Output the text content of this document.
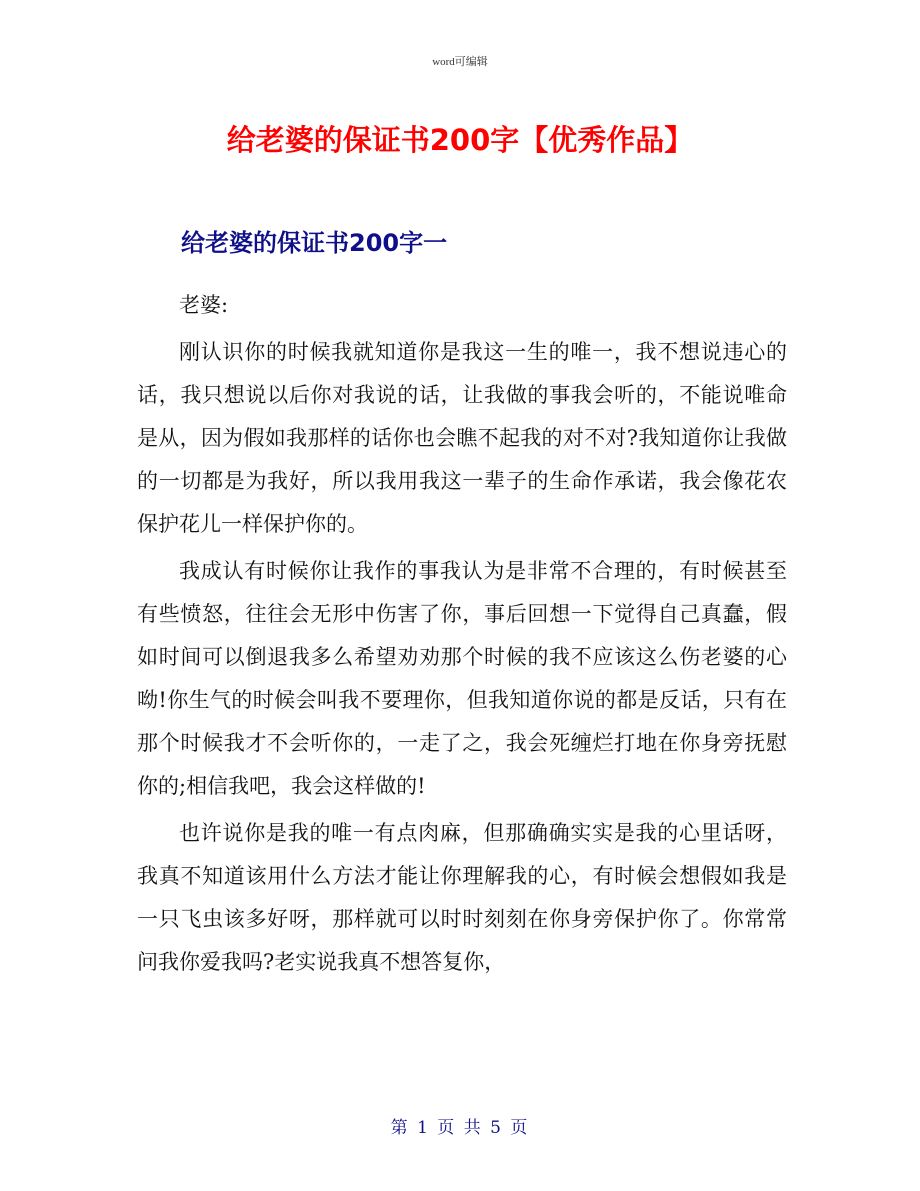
word可编辑
给老婆的保证书200字【优秀作品】
给老婆的保证书200字一

老婆:

刚认识你的时候我就知道你是我这一生的唯一，我不想说违心的话，我只想说以后你对我说的话，让我做的事我会听的，不能说唯命是从，因为假如我那样的话你也会瞧不起我的对不对?我知道你让我做的一切都是为我好，所以我用我这一辈子的生命作承诺，我会像花农保护花儿一样保护你的。

我成认有时候你让我作的事我认为是非常不合理的，有时候甚至有些愤怒，往往会无形中伤害了你，事后回想一下觉得自己真蠢，假如时间可以倒退我多么希望劝劝那个时候的我不应该这么伤老婆的心呦!你生气的时候会叫我不要理你，但我知道你说的都是反话，只有在那个时候我才不会听你的，一走了之，我会死缠烂打地在你身旁抚慰你的;相信我吧，我会这样做的!

也许说你是我的唯一有点肉麻，但那确确实实是我的心里话呀，我真不知道该用什么方法才能让你理解我的心，有时候会想假如我是一只飞虫该多好呀，那样就可以时时刻刻在你身旁保护你了。你常常问我你爱我吗?老实说我真不想答复你，

第 1 页 共 5 页
